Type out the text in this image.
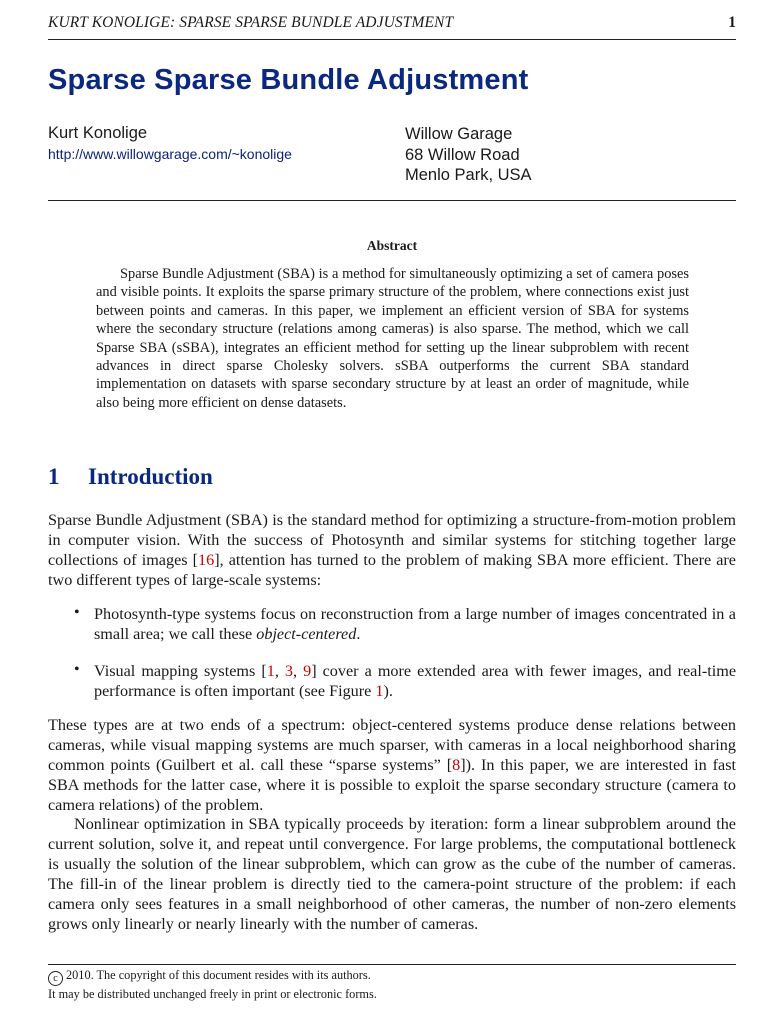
KURT KONOLIGE: SPARSE SPARSE BUNDLE ADJUSTMENT	1
Sparse Sparse Bundle Adjustment
Kurt Konolige
http://www.willowgarage.com/~konolige
Willow Garage
68 Willow Road
Menlo Park, USA
Abstract
Sparse Bundle Adjustment (SBA) is a method for simultaneously optimizing a set of camera poses and visible points. It exploits the sparse primary structure of the problem, where connections exist just between points and cameras. In this paper, we implement an efficient version of SBA for systems where the secondary structure (relations among cameras) is also sparse. The method, which we call Sparse SBA (sSBA), integrates an efficient method for setting up the linear subproblem with recent advances in direct sparse Cholesky solvers. sSBA outperforms the current SBA standard implementation on datasets with sparse secondary structure by at least an order of magnitude, while also being more efficient on dense datasets.
1 Introduction
Sparse Bundle Adjustment (SBA) is the standard method for optimizing a structure-from-motion problem in computer vision. With the success of Photosynth and similar systems for stitching together large collections of images [16], attention has turned to the problem of making SBA more efficient. There are two different types of large-scale systems:
• Photosynth-type systems focus on reconstruction from a large number of images concentrated in a small area; we call these object-centered.
• Visual mapping systems [1, 3, 9] cover a more extended area with fewer images, and real-time performance is often important (see Figure 1).
These types are at two ends of a spectrum: object-centered systems produce dense relations between cameras, while visual mapping systems are much sparser, with cameras in a local neighborhood sharing common points (Guilbert et al. call these “sparse systems” [8]). In this paper, we are interested in fast SBA methods for the latter case, where it is possible to exploit the sparse secondary structure (camera to camera relations) of the problem.
Nonlinear optimization in SBA typically proceeds by iteration: form a linear subproblem around the current solution, solve it, and repeat until convergence. For large problems, the computational bottleneck is usually the solution of the linear subproblem, which can grow as the cube of the number of cameras. The fill-in of the linear problem is directly tied to the camera-point structure of the problem: if each camera only sees features in a small neighborhood of other cameras, the number of non-zero elements grows only linearly or nearly linearly with the number of cameras.
c 2010. The copyright of this document resides with its authors.
It may be distributed unchanged freely in print or electronic forms.
